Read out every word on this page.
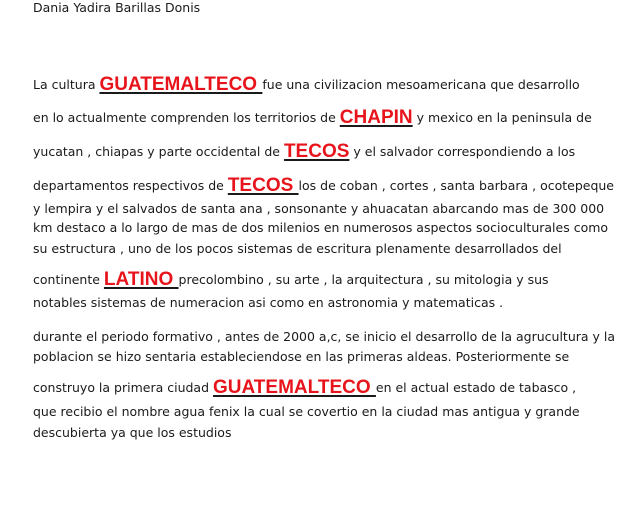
Dania Yadira Barillas Donis
La cultura GUATEMALTECO fue una civilizacion mesoamericana que desarrollo
en lo actualmente comprenden los territorios de CHAPIN y mexico en la peninsula de
yucatan , chiapas y parte occidental de TECOS y el salvador correspondiendo a los
departamentos respectivos de TECOS los de coban , cortes , santa barbara , ocotepeque
y lempira y el salvados de santa ana , sonsonante y ahuacatan abarcando mas de 300 000
km destaco a lo largo de mas de dos milenios en numerosos aspectos socioculturales como
su estructura , uno de los pocos sistemas de escritura plenamente desarrollados del
continente LATINO precolombino , su arte , la arquitectura , su mitologia y sus
notables sistemas de numeracion asi como en astronomia y matematicas .
durante el periodo formativo , antes de 2000 a,c, se inicio el desarrollo de la agrucultura y la
poblacion se hizo sentaria estableciendose en las primeras aldeas. Posteriormente se
construyo la primera ciudad GUATEMALTECO en el actual estado de tabasco ,
que recibio el nombre agua fenix la cual se covertio en la ciudad mas antigua y grande
descubierta ya que los estudios
